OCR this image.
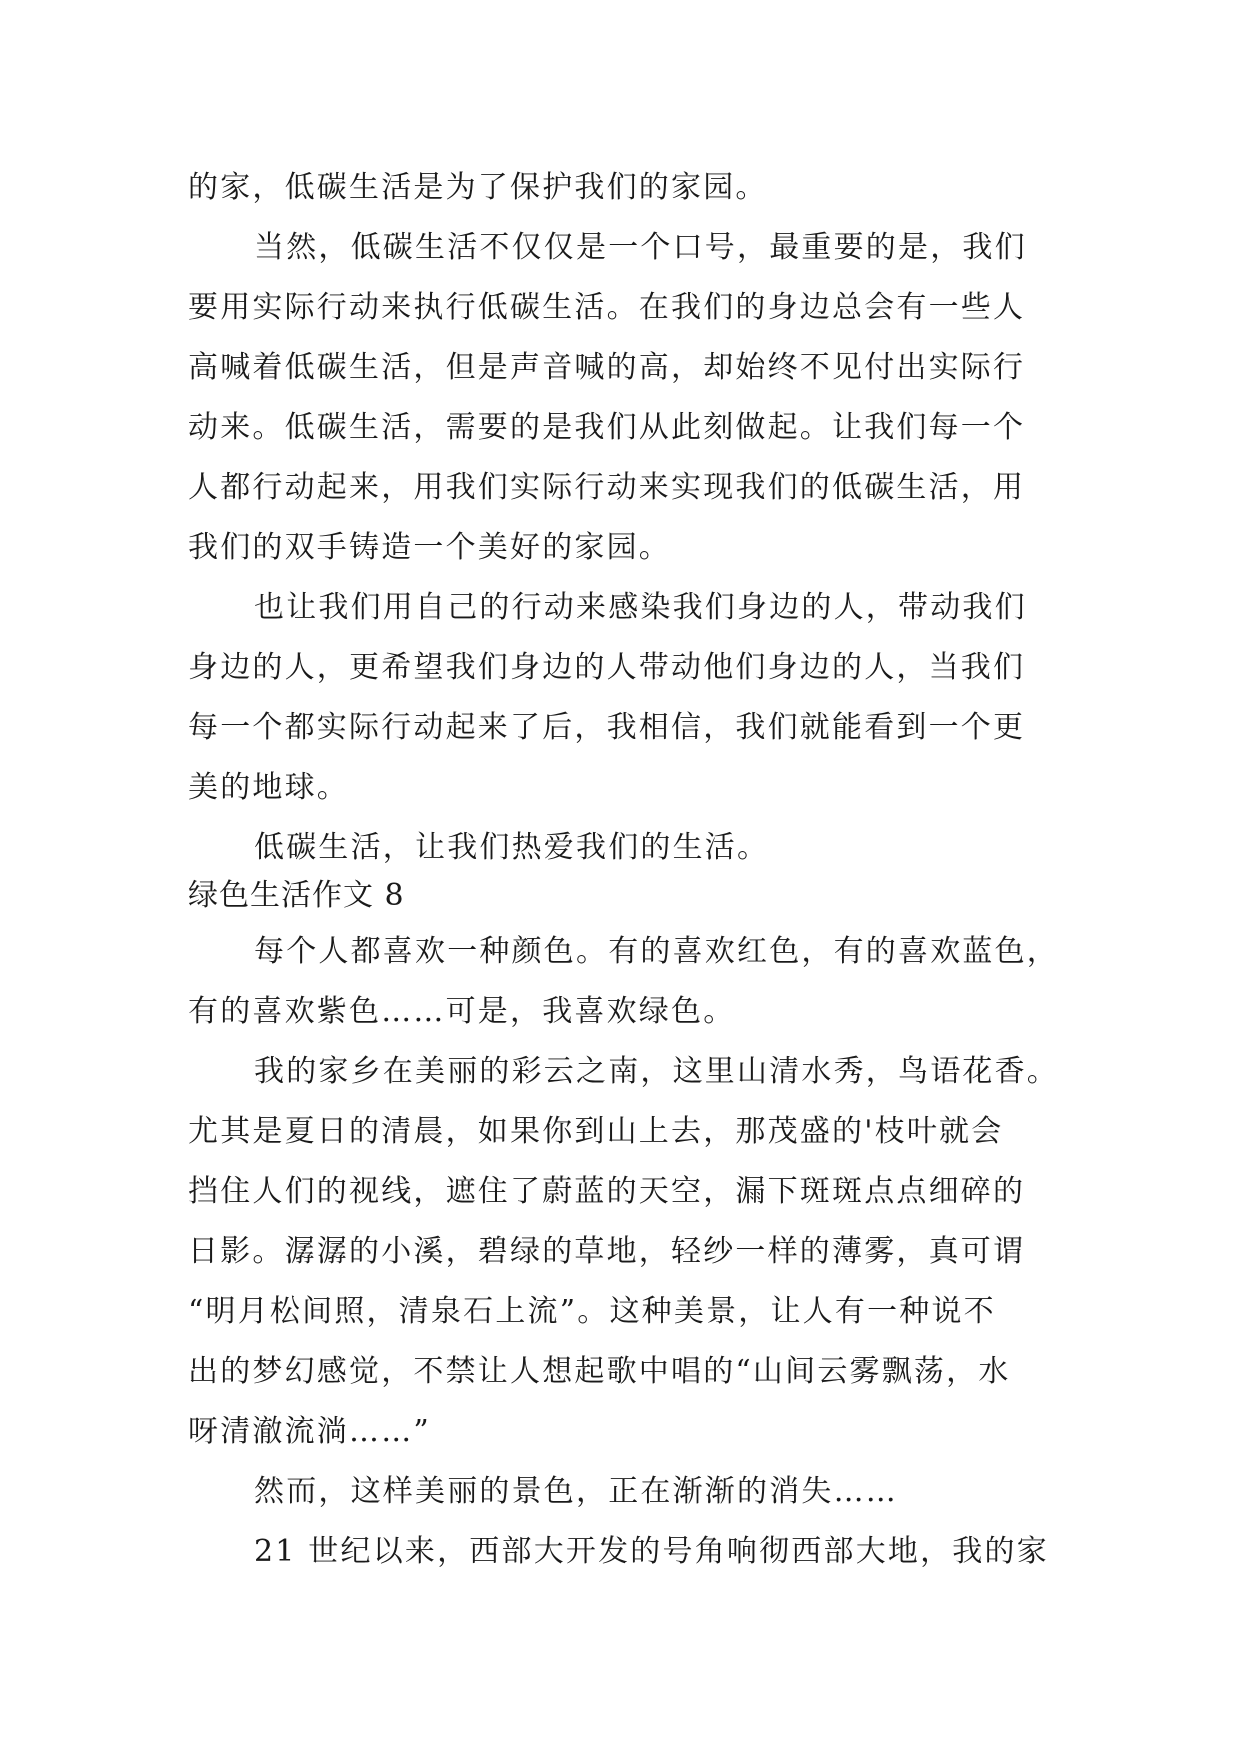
的家，低碳生活是为了保护我们的家园。
当然，低碳生活不仅仅是一个口号，最重要的是，我们
要用实际行动来执行低碳生活。在我们的身边总会有一些人
高喊着低碳生活，但是声音喊的高，却始终不见付出实际行
动来。低碳生活，需要的是我们从此刻做起。让我们每一个
人都行动起来，用我们实际行动来实现我们的低碳生活，用
我们的双手铸造一个美好的家园。
也让我们用自己的行动来感染我们身边的人，带动我们
身边的人，更希望我们身边的人带动他们身边的人，当我们
每一个都实际行动起来了后，我相信，我们就能看到一个更
美的地球。
低碳生活，让我们热爱我们的生活。
绿色生活作文 8
每个人都喜欢一种颜色。有的喜欢红色，有的喜欢蓝色，
有的喜欢紫色……可是，我喜欢绿色。
我的家乡在美丽的彩云之南，这里山清水秀，鸟语花香。
尤其是夏日的清晨，如果你到山上去，那茂盛的'枝叶就会
挡住人们的视线，遮住了蔚蓝的天空，漏下斑斑点点细碎的
日影。潺潺的小溪，碧绿的草地，轻纱一样的薄雾，真可谓
“明月松间照，清泉石上流”。这种美景，让人有一种说不
出的梦幻感觉，不禁让人想起歌中唱的“山间云雾飘荡，水
呀清澈流淌……”
然而，这样美丽的景色，正在渐渐的消失……
21 世纪以来，西部大开发的号角响彻西部大地，我的家
